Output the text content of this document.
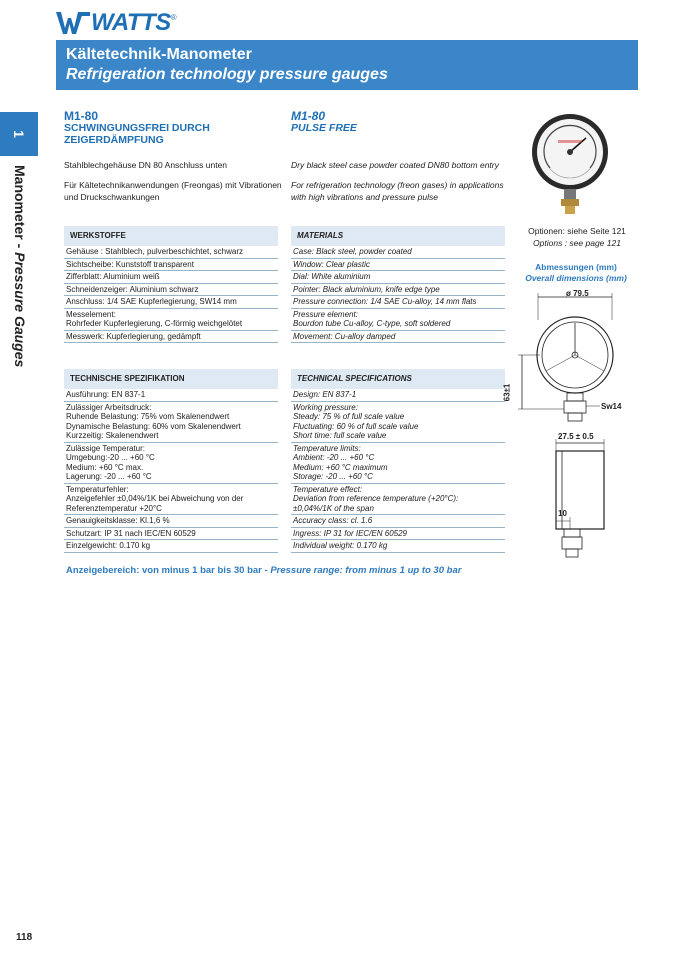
WATTS ®
Kältetechnik-Manometer
Refrigeration technology pressure gauges
1
Manometer - Pressure Gauges
M1-80
SCHWINGUNGSFREI DURCH
ZEIGERDÄMPFUNG
M1-80
PULSE FREE
Stahlblechgehäuse DN 80 Anschluss unten	Dry black steel case powder coated DN80 bottom entry
Für Kältetechnikanwendungen (Freongas) mit Vibrationen
und Druckschwankungen
For refrigeration technology (freon gases) in applications
with high vibrations and pressure pulse
WERKSTOFFE
Gehäuse : Stahlblech, pulverbeschichtet, schwarz
Sichtscheibe: Kunststoff transparent
Zifferblatt: Aluminium weiß
Schneidenzeiger: Aluminium schwarz
Anschluss: 1/4 SAE Kupferlegierung, SW14 mm
Messelement:
Rohrfeder Kupferlegierung, C-förmig weichgelötet
Messwerk: Kupferlegierung, gedämpft
MATERIALS
Case: Black steel, powder coated
Window: Clear plastic
Dial: White aluminium
Pointer: Black aluminium, knife edge type
Pressure connection: 1/4 SAE Cu-alloy, 14 mm flats
Pressure element:
Bourdon tube Cu-alloy, C-type, soft soldered
Movement: Cu-alloy damped
TECHNISCHE SPEZIFIKATION
Ausführung: EN 837-1
Zulässiger Arbeitsdruck:
Ruhende Belastung: 75% vom Skalenendwert
Dynamische Belastung: 60% vom Skalenendwert
Kurzzeitig: Skalenendwert
Zulässige Temperatur:
Umgebung:-20 ... +60 °C
Medium: +60 °C max.
Lagerung: -20 ... +60 °C
Temperaturfehler:
Anzeigefehler ±0,04%/1K bei Abweichung von der
Referenztemperatur +20°C
Genauigkeitsklasse: Kl.1,6 %
Schutzart: IP 31 nach IEC/EN 60529
Einzelgewicht: 0.170 kg
TECHNICAL SPECIFICATIONS
Design: EN 837-1
Working pressure:
Steady: 75 % of full scale value
Fluctuating: 60 % of full scale value
Short time: full scale value
Temperature limits:
Ambient: -20 ... +60 °C
Medium: +60 °C maximum
Storage: -20 ... +60 °C
Temperature effect:
Deviation from reference temperature (+20°C):
±0,04%/1K of the span
Accuracy class: cl. 1.6
Ingress: IP 31 for IEC/EN 60529
Individual weight: 0.170 kg
Optionen: siehe Seite 121
Options : see page 121
Abmessungen (mm)
Overall dimensions (mm)
ø 79.5
63±1
Sw14
27.5 ± 0.5
10
Anzeigebereich: von minus 1 bar bis 30 bar - Pressure range: from minus 1 up to 30 bar
118
